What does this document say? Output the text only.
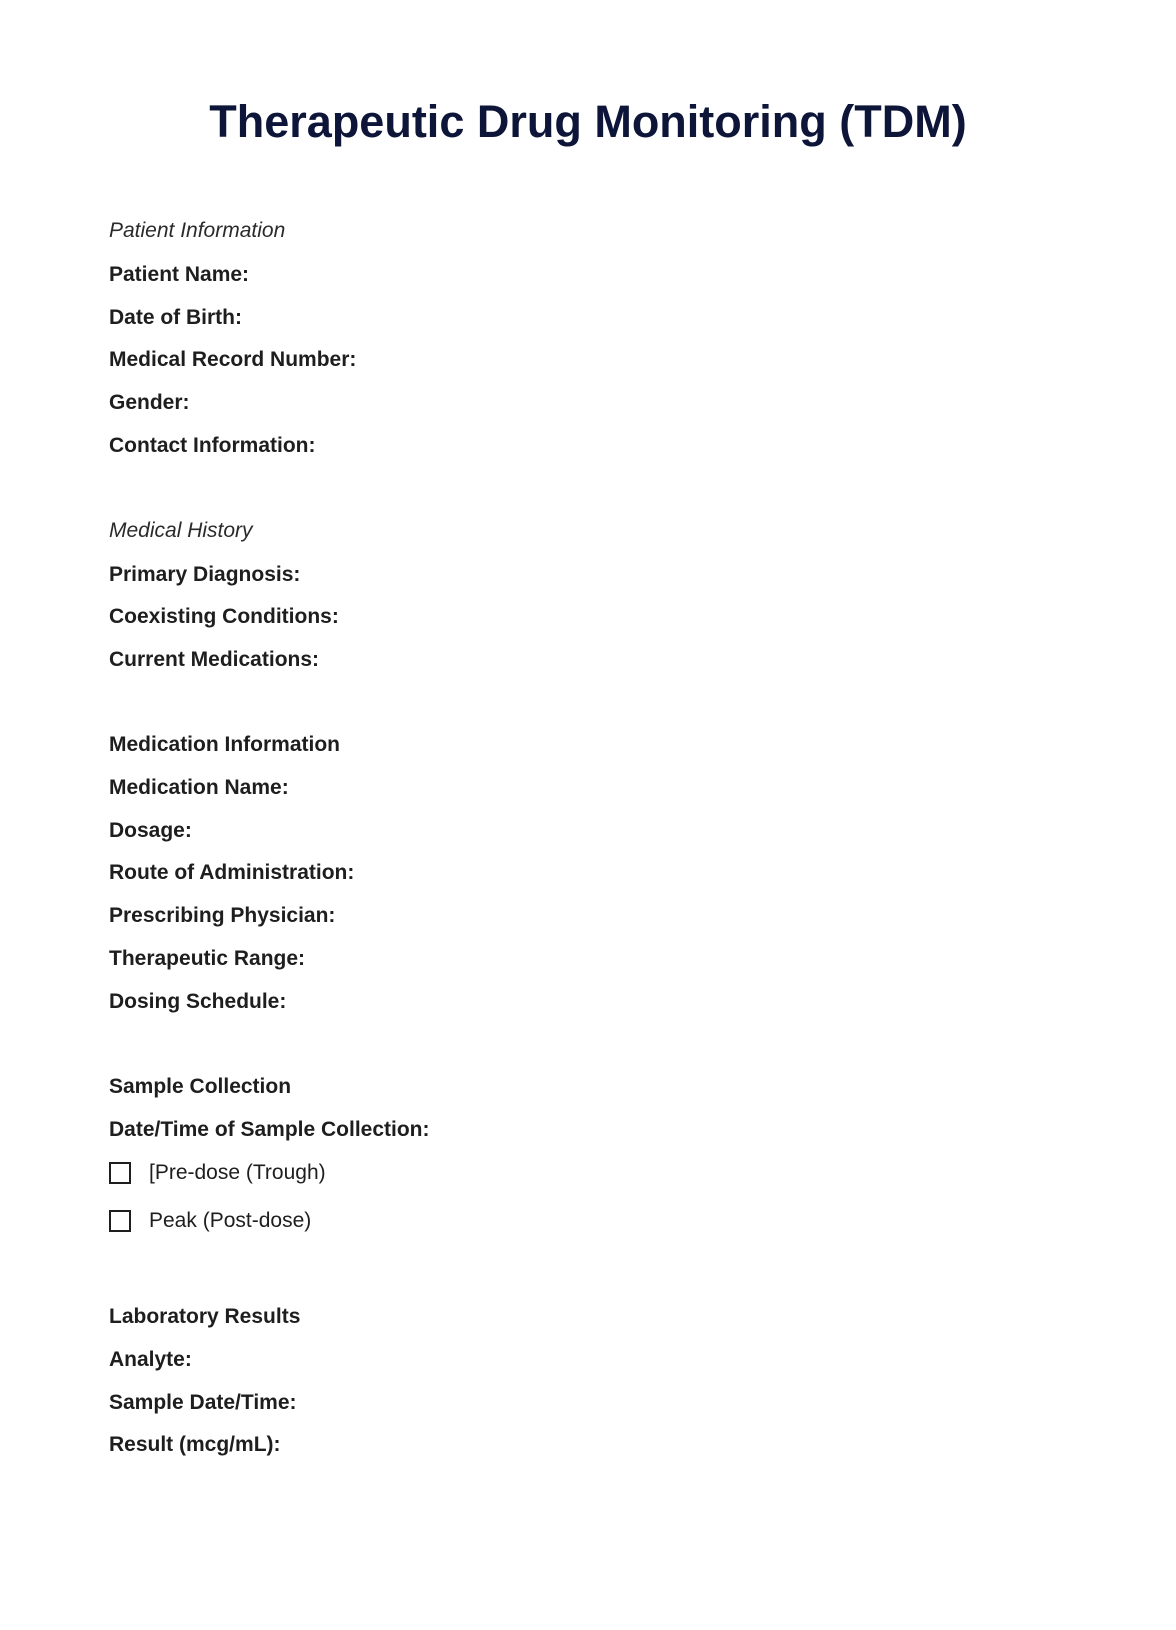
Therapeutic Drug Monitoring (TDM)
Patient Information
Patient Name:
Date of Birth:
Medical Record Number:
Gender:
Contact Information:
Medical History
Primary Diagnosis:
Coexisting Conditions:
Current Medications:
Medication Information
Medication Name:
Dosage:
Route of Administration:
Prescribing Physician:
Therapeutic Range:
Dosing Schedule:
Sample Collection
Date/Time of Sample Collection:
[Pre-dose (Trough)
Peak (Post-dose)
Laboratory Results
Analyte:
Sample Date/Time:
Result (mcg/mL):
